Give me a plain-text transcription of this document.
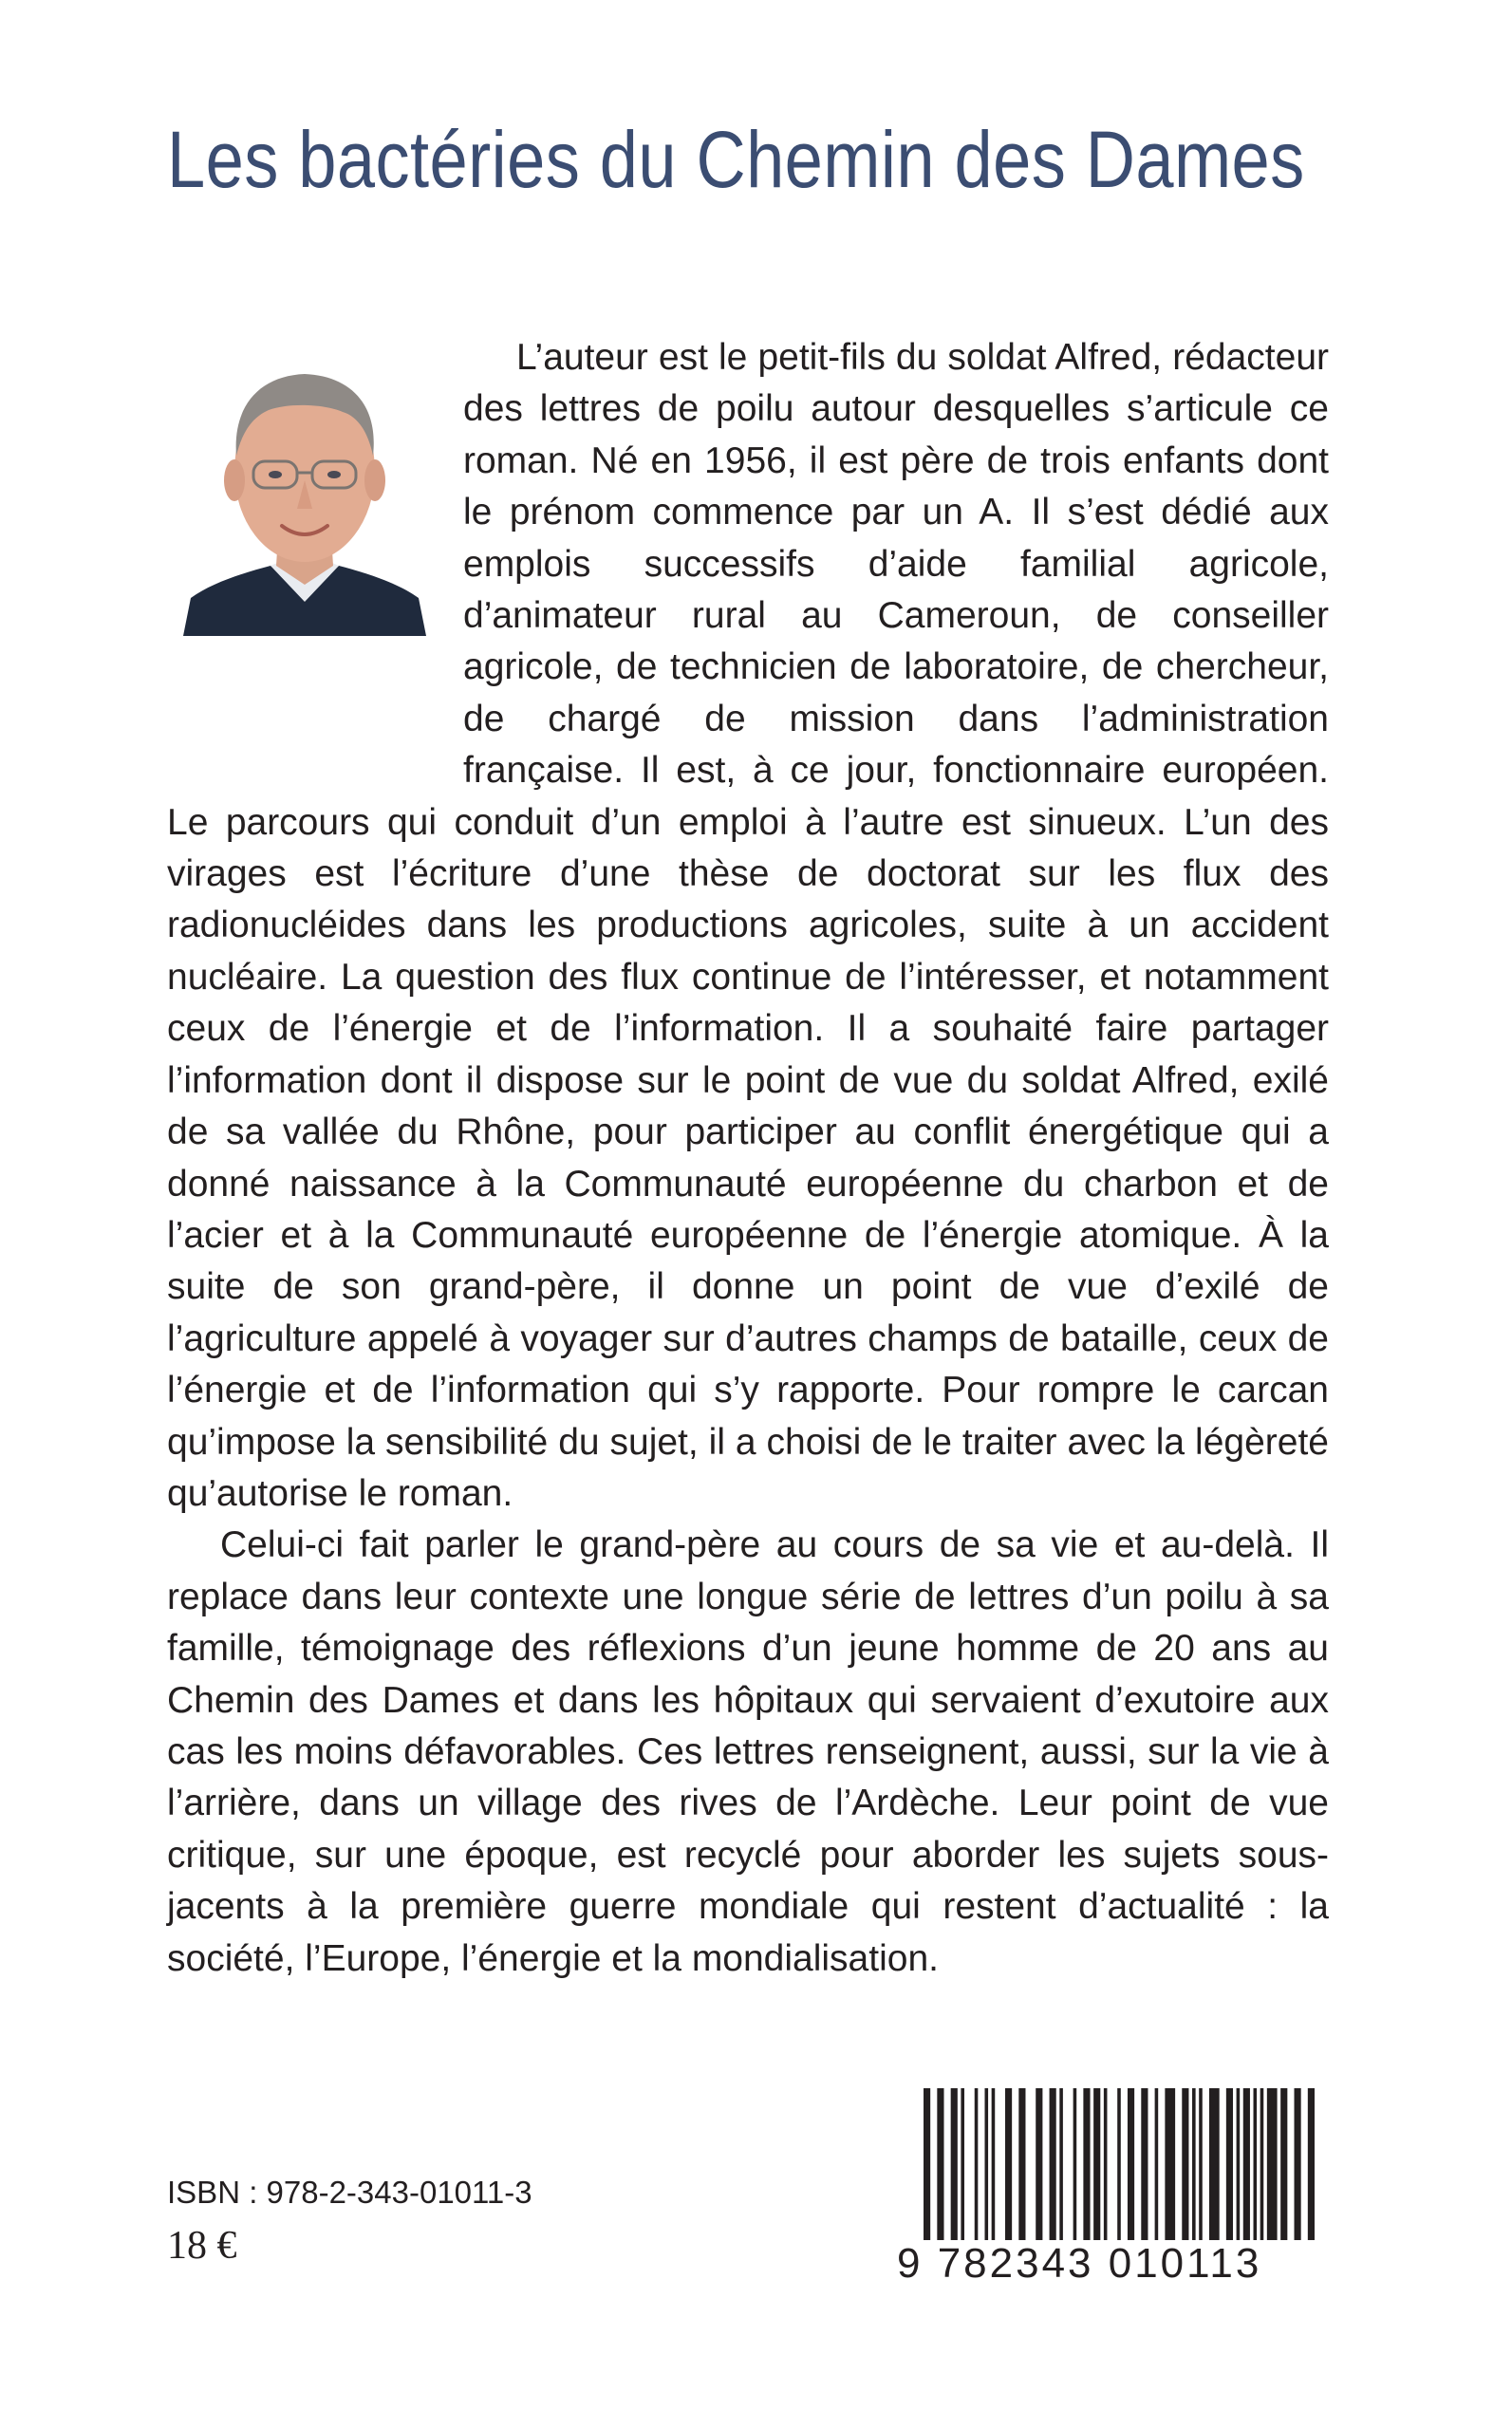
Les bactéries du Chemin des Dames

L’auteur est le petit-fils du soldat Alfred, rédacteur des lettres de poilu autour desquelles s’articule ce roman. Né en 1956, il est père de trois enfants dont le prénom commence par un A. Il s’est dédié aux emplois successifs d’aide familial agricole, d’animateur rural au Cameroun, de conseiller agricole, de technicien de laboratoire, de chercheur, de chargé de mission dans l’administration française. Il est, à ce jour, fonctionnaire européen. Le parcours qui conduit d’un emploi à l’autre est sinueux. L’un des virages est l’écriture d’une thèse de doctorat sur les flux des radionucléides dans les productions agricoles, suite à un accident nucléaire. La question des flux continue de l’intéresser, et notamment ceux de l’énergie et de l’information. Il a souhaité faire partager l’information dont il dispose sur le point de vue du soldat Alfred, exilé de sa vallée du Rhône, pour participer au conflit énergétique qui a donné naissance à la Communauté européenne du charbon et de l’acier et à la Communauté européenne de l’énergie atomique. À la suite de son grand-père, il donne un point de vue d’exilé de l’agriculture appelé à voyager sur d’autres champs de bataille, ceux de l’énergie et de l’information qui s’y rapporte. Pour rompre le carcan qu’impose la sensibilité du sujet, il a choisi de le traiter avec la légèreté qu’autorise le roman.

Celui-ci fait parler le grand-père au cours de sa vie et au-delà. Il replace dans leur contexte une longue série de lettres d’un poilu à sa famille, témoignage des réflexions d’un jeune homme de 20 ans au Chemin des Dames et dans les hôpitaux qui servaient d’exutoire aux cas les moins défavorables. Ces lettres renseignent, aussi, sur la vie à l’arrière, dans un village des rives de l’Ardèche. Leur point de vue critique, sur une époque, est recyclé pour aborder les sujets sous-jacents à la première guerre mondiale qui restent d’actualité : la société, l’Europe, l’énergie et la mondialisation.

ISBN : 978-2-343-01011-3
18 €	9 782343 010113
